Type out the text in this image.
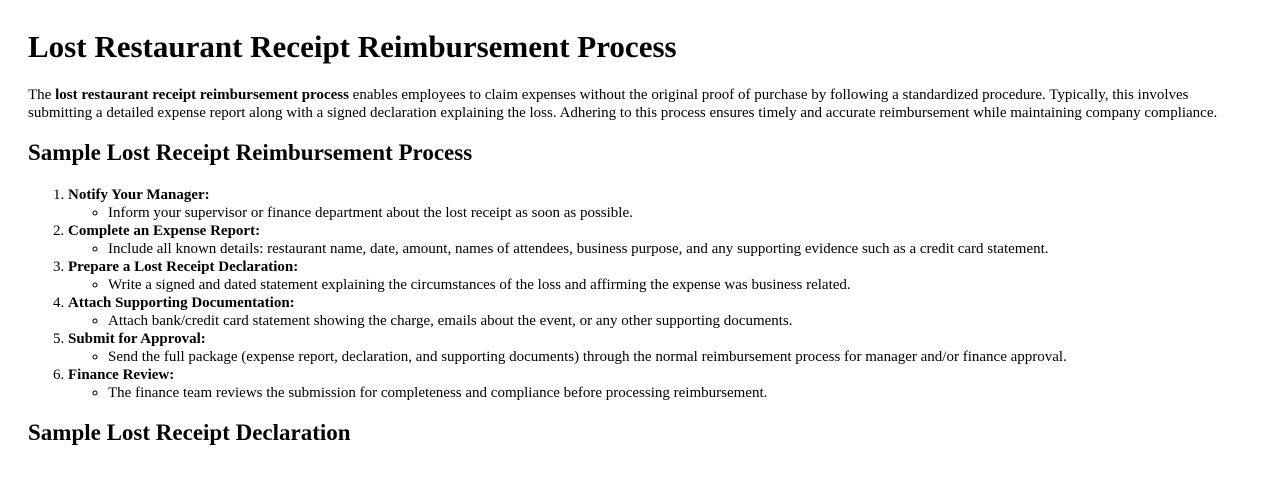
Lost Restaurant Receipt Reimbursement Process

The lost restaurant receipt reimbursement process enables employees to claim expenses without the original proof of purchase by following a standardized procedure. Typically, this involves submitting a detailed expense report along with a signed declaration explaining the loss. Adhering to this process ensures timely and accurate reimbursement while maintaining company compliance.

Sample Lost Receipt Reimbursement Process
1. Notify Your Manager:
◦ Inform your supervisor or finance department about the lost receipt as soon as possible.
2. Complete an Expense Report:
◦ Include all known details: restaurant name, date, amount, names of attendees, business purpose, and any supporting evidence such as a credit card statement.
3. Prepare a Lost Receipt Declaration:
◦ Write a signed and dated statement explaining the circumstances of the loss and affirming the expense was business related.
4. Attach Supporting Documentation:
◦ Attach bank/credit card statement showing the charge, emails about the event, or any other supporting documents.
5. Submit for Approval:
◦ Send the full package (expense report, declaration, and supporting documents) through the normal reimbursement process for manager and/or finance approval.
6. Finance Review:
◦ The finance team reviews the submission for completeness and compliance before processing reimbursement.
Sample Lost Receipt Declaration
